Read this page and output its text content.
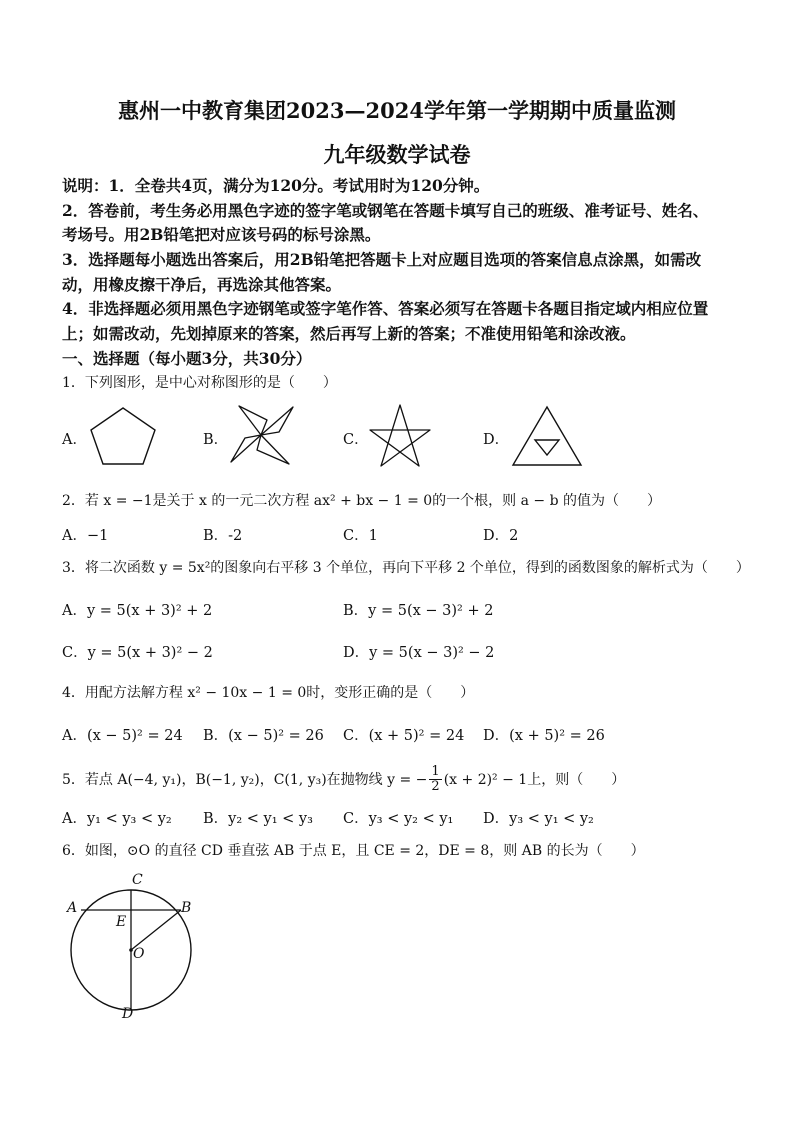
惠州一中教育集团2023—2024学年第一学期期中质量监测
九年级数学试卷
说明：1．全卷共4页，满分为120分。考试用时为120分钟。
2．答卷前，考生务必用黑色字迹的签字笔或钢笔在答题卡填写自己的班级、准考证号、姓名、
考场号。用2B铅笔把对应该号码的标号涂黑。
3．选择题每小题选出答案后，用2B铅笔把答题卡上对应题目选项的答案信息点涂黑，如需改
动，用橡皮擦干净后，再选涂其他答案。
4．非选择题必须用黑色字迹钢笔或签字笔作答、答案必须写在答题卡各题目指定域内相应位置
上；如需改动，先划掉原来的答案，然后再写上新的答案；不准使用铅笔和涂改液。
一、选择题（每小题3分，共30分）
1．下列图形，是中心对称图形的是（　　）
A．	B．	C．	D．
2．若 x = −1是关于 x 的一元二次方程 ax² + bx − 1 = 0的一个根，则 a − b 的值为（　　）
A．−1	B．-2	C．1	D．2
3．将二次函数 y = 5x²的图象向右平移 3 个单位，再向下平移 2 个单位，得到的函数图象的解析式为（　　）
A．y = 5(x + 3)² + 2	B．y = 5(x − 3)² + 2
C．y = 5(x + 3)² − 2	D．y = 5(x − 3)² − 2
4．用配方法解方程 x² − 10x − 1 = 0时，变形正确的是（　　）
A．(x − 5)² = 24 B．(x − 5)² = 26 C．(x + 5)² = 24 D．(x + 5)² = 26
5．若点 A(−4, y₁)，B(−1, y₂)，C(1, y₃)在抛物线 y = − $\frac{1}{2} (x + 2)^2 - 1$上，则（　　）
A．y₁ < y₃ < y₂ B．y₂ < y₁ < y₃ C．y₃ < y₂ < y₁ D．y₃ < y₁ < y₂
6．如图，⊙O 的直径 CD 垂直弦 AB 于点 E，且 CE = 2，DE = 8，则 AB 的长为（　　）
C
A	B
E
O
D
